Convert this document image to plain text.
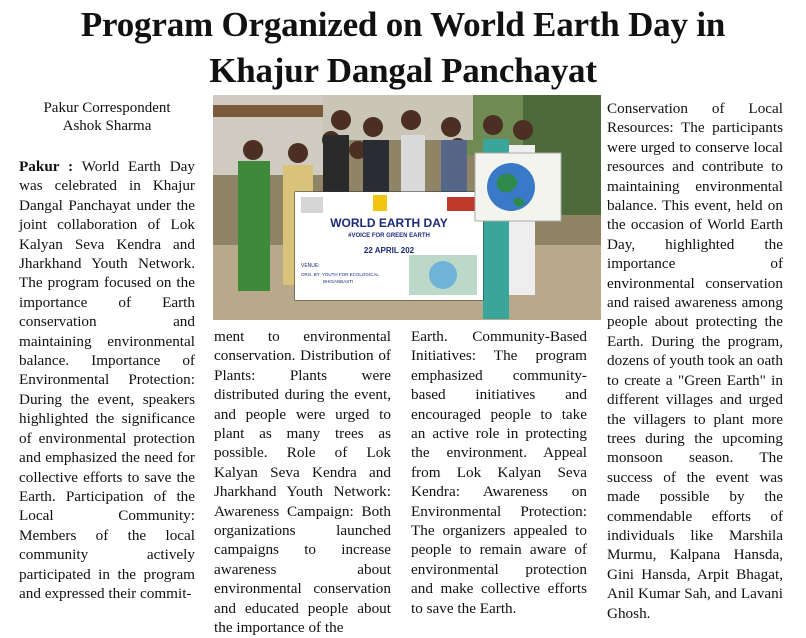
Program Organized on World Earth Day in
Khajur Dangal Panchayat
Pakur Correspondent
Ashok Sharma

Pakur : World Earth Day was celebrated in Khajur Dangal Panchayat under the joint collaboration of Lok Kalyan Seva Kendra and Jharkhand Youth Network. The program focused on the importance of Earth conservation and maintaining environmental balance. Importance of Environmental Protection: During the event, speakers highlighted the significance of environmental protection and emphasized the need for collective efforts to save the Earth. Participation of the Local Community: Members of the local community actively participated in the program and expressed their commit-

WORLD EARTH DAY
#VOICE FOR GREEN EARTH
22 APRIL 202
VENUE:
ORG. BY: YOUTH FOR ECOLOGICAL
BHIGANBASTI

ment to environmental conservation. Distribution of Plants: Plants were distributed during the event, and people were urged to plant as many trees as possible. Role of Lok Kalyan Seva Kendra and Jharkhand Youth Network: Awareness Campaign: Both organizations launched campaigns to increase awareness about environmental conservation and educated people about the importance of the

Earth. Community-Based Initiatives: The program emphasized community-based initiatives and encouraged people to take an active role in protecting the environment. Appeal from Lok Kalyan Seva Kendra: Awareness on Environmental Protection: The organizers appealed to people to remain aware of environmental protection and make collective efforts to save the Earth.

Conservation of Local Resources: The participants were urged to conserve local resources and contribute to maintaining environmental balance. This event, held on the occasion of World Earth Day, highlighted the importance of environmental conservation and raised awareness among people about protecting the Earth. During the program, dozens of youth took an oath to create a "Green Earth" in different villages and urged the villagers to plant more trees during the upcoming monsoon season. The success of the event was made possible by the commendable efforts of individuals like Marshila Murmu, Kalpana Hansda, Gini Hansda, Arpit Bhagat, Anil Kumar Sah, and Lavani Ghosh.
